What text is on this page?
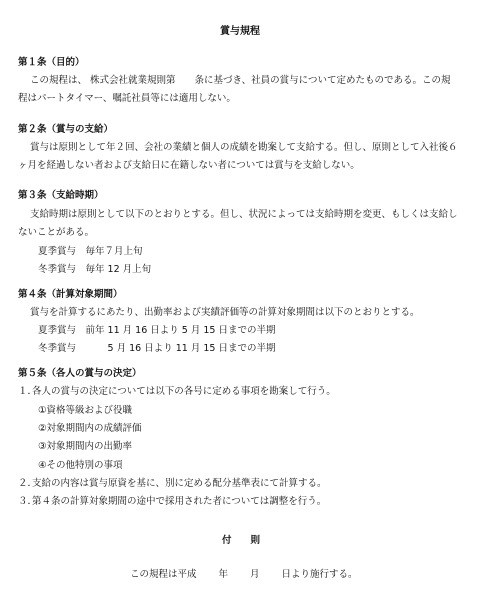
賞与規程
第１条（目的）
この規程は、 株式会社就業規則第　　条に基づき、社員の賞与について定めたものである。この規
程はパートタイマー、嘱託社員等には適用しない。
第２条（賞与の支給）
賞与は原則として年２回、会社の業績と個人の成績を勘案して支給する。但し、原則として入社後６
ヶ月を経過しない者および支給日に在籍しない者については賞与を支給しない。
第３条（支給時期）
支給時期は原則として以下のとおりとする。但し、状況によっては支給時期を変更、もしくは支給し
ないことがある。
夏季賞与　毎年７月上旬
冬季賞与　毎年 12 月上旬
第４条（計算対象期間）
賞与を計算するにあたり、出勤率および実績評価等の計算対象期間は以下のとおりとする。
夏季賞与　前年 11 月 16 日より 5 月 15 日までの半期
冬季賞与　　　 5 月 16 日より 11 月 15 日までの半期
第５条（各人の賞与の決定）
１．各人の賞与の決定については以下の各号に定める事項を勘案して行う。
①資格等級および役職
②対象期間内の成績評価
③対象期間内の出勤率
④その他特別の事項
２．支給の内容は賞与原資を基に、別に定める配分基準表にて計算する。
３．第４条の計算対象期間の途中で採用された者については調整を行う。
付　　則
この規程は平成　　 年　　 月　　 日より施行する。
